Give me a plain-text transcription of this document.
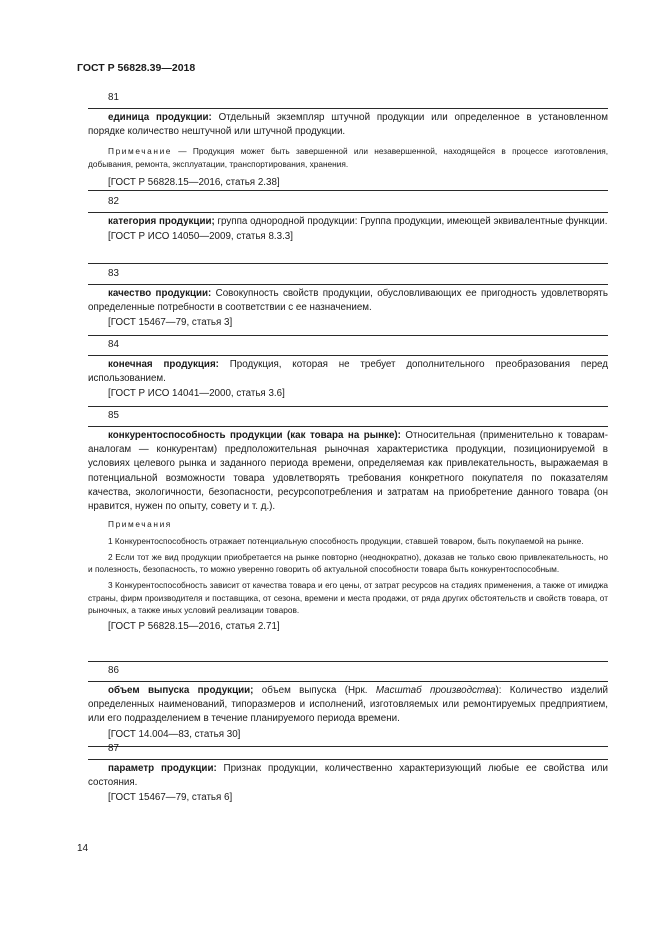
ГОСТ Р 56828.39—2018
81

единица продукции: Отдельный экземпляр штучной продукции или определенное в установленном порядке количество нештучной или штучной продукции.

Примечание — Продукция может быть завершенной или незавершенной, находящейся в процессе изготовления, добывания, ремонта, эксплуатации, транспортирования, хранения.

[ГОСТ Р 56828.15—2016, статья 2.38]

82

категория продукции; группа однородной продукции: Группа продукции, имеющей эквивалентные функции.

[ГОСТ Р ИСО 14050—2009, статья 8.3.3]

83

качество продукции: Совокупность свойств продукции, обусловливающих ее пригодность удовлетворять определенные потребности в соответствии с ее назначением.

[ГОСТ 15467—79, статья 3]

84

конечная продукция: Продукция, которая не требует дополнительного преобразования перед использованием.

[ГОСТ Р ИСО 14041—2000, статья 3.6]

85

конкурентоспособность продукции (как товара на рынке): Относительная (применительно к товарам-аналогам — конкурентам) предположительная рыночная характеристика продукции, позиционируемой в условиях целевого рынка и заданного периода времени, определяемая как привлекательность, выражаемая в потенциальной возможности товара удовлетворять требования конкретного покупателя по показателям качества, экологичности, безопасности, ресурсопотребления и затратам на приобретение данного товара (он нравится, нужен по опыту, совету и т. д.).

Примечания

1 Конкурентоспособность отражает потенциальную способность продукции, ставшей товаром, быть покупаемой на рынке.

2 Если тот же вид продукции приобретается на рынке повторно (неоднократно), доказав не только свою привлекательность, но и полезность, безопасность, то можно уверенно говорить об актуальной способности товара быть конкурентоспособным.

3 Конкурентоспособность зависит от качества товара и его цены, от затрат ресурсов на стадиях применения, а также от имиджа страны, фирм производителя и поставщика, от сезона, времени и места продажи, от ряда других обстоятельств и свойств товара, от рыночных, а также иных условий реализации товаров.

[ГОСТ Р 56828.15—2016, статья 2.71]

86

объем выпуска продукции; объем выпуска (Нрк. Масштаб производства): Количество изделий определенных наименований, типоразмеров и исполнений, изготовляемых или ремонтируемых предприятием, или его подразделением в течение планируемого периода времени.

[ГОСТ 14.004—83, статья 30]

87

параметр продукции: Признак продукции, количественно характеризующий любые ее свойства или состояния.

[ГОСТ 15467—79, статья 6]

14
